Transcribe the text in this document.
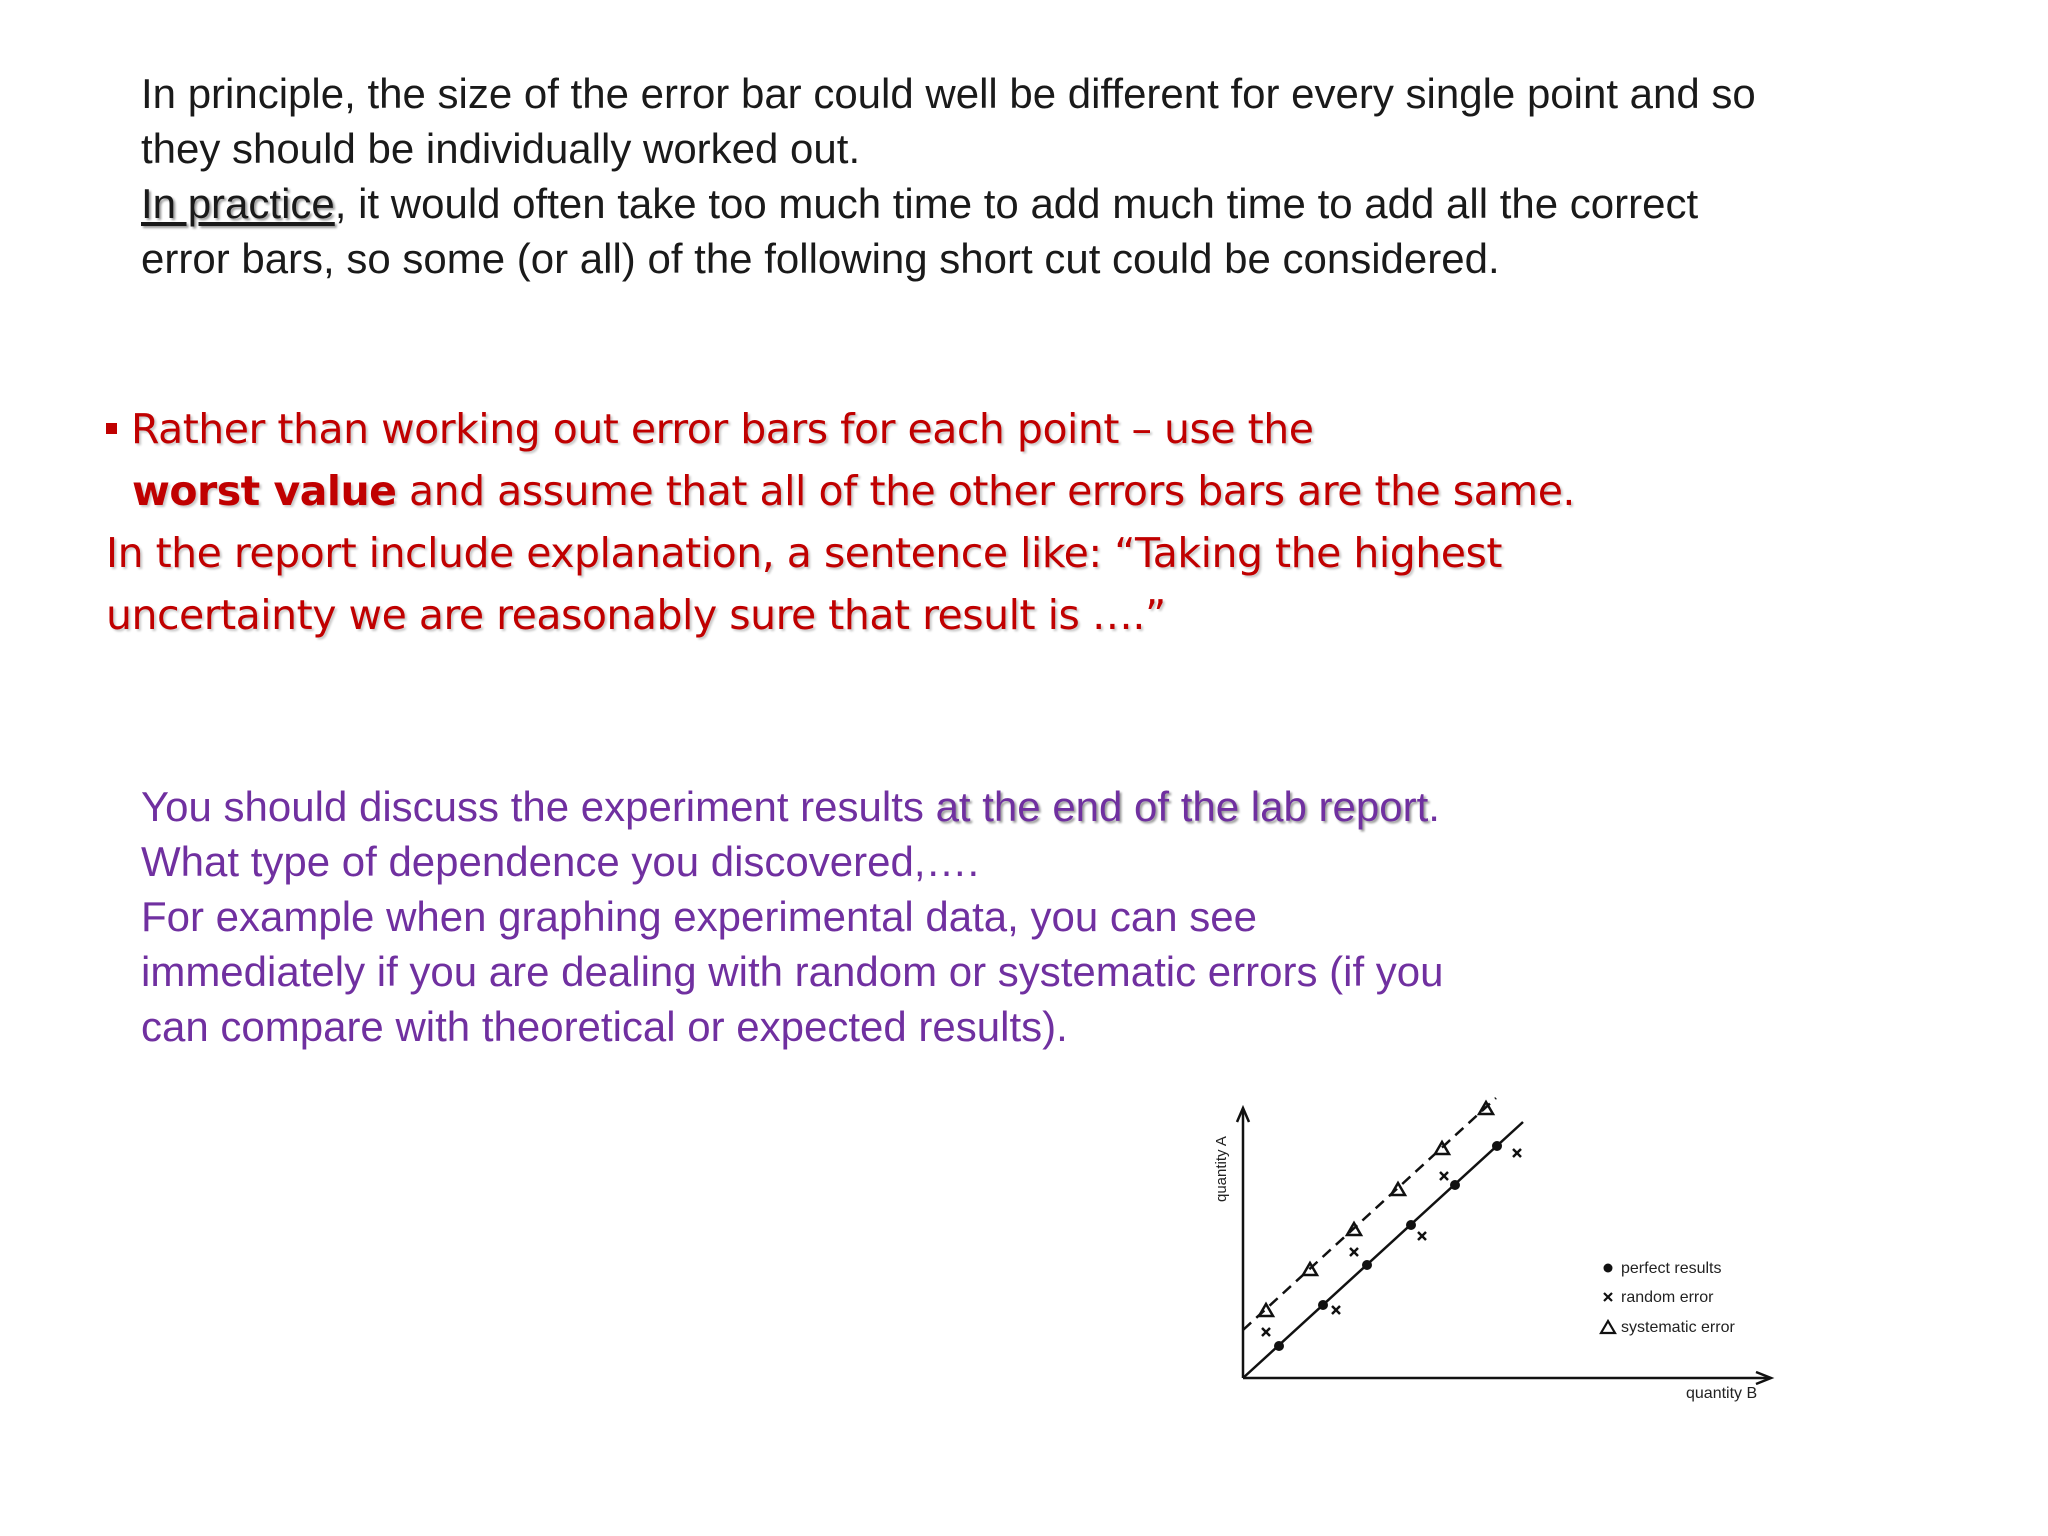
In principle, the size of the error bar could well be different for every single point and so

they should be individually worked out.

In practice, it would often take too much time to add much time to add all the correct

error bars, so some (or all) of the following short cut could be considered.

Rather than working out error bars for each point – use the

worst value and assume that all of the other errors bars are the same.

In the report include explanation, a sentence like: “Taking the highest

uncertainty we are reasonably sure that result is ….”

You should discuss the experiment results at the end of the lab report.

What type of dependence you discovered,….

For example when graphing experimental data, you can see

immediately if you are dealing with random or systematic errors (if you

can compare with theoretical or expected results).

quantity A
quantity B
perfect results
random error
systematic error
